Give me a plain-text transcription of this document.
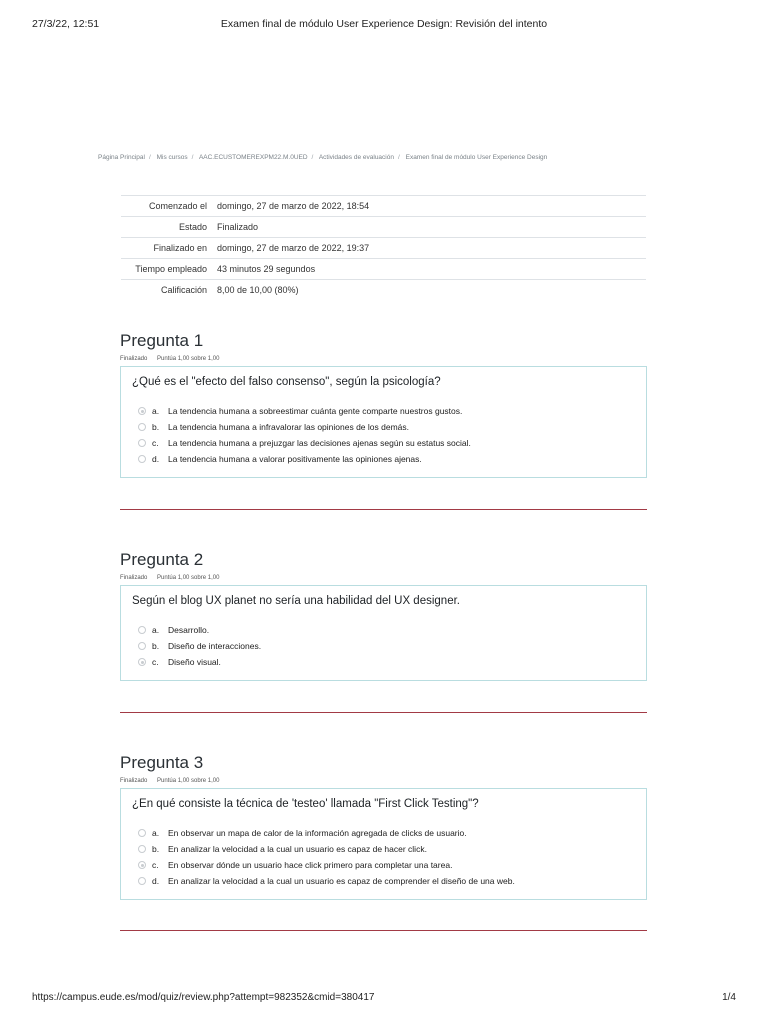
27/3/22, 12:51	Examen final de módulo User Experience Design: Revisión del intento
Página Principal / Mis cursos / AAC.ECUSTOMEREXPM22.M.0UED / Actividades de evaluación / Examen final de módulo User Experience Design
Comenzado el	domingo, 27 de marzo de 2022, 18:54
Estado	Finalizado
Finalizado en	domingo, 27 de marzo de 2022, 19:37
Tiempo empleado	43 minutos 29 segundos
Calificación	8,00 de 10,00 (80%)
Pregunta 1
Finalizado Puntúa 1,00 sobre 1,00
¿Qué es el "efecto del falso consenso", según la psicología?
a.	La tendencia humana a sobreestimar cuánta gente comparte nuestros gustos.
b.	La tendencia humana a infravalorar las opiniones de los demás.
c.	La tendencia humana a prejuzgar las decisiones ajenas según su estatus social.
d.	La tendencia humana a valorar positivamente las opiniones ajenas.
Pregunta 2
Finalizado Puntúa 1,00 sobre 1,00
Según el blog UX planet no sería una habilidad del UX designer.
a.	Desarrollo.
b.	Diseño de interacciones.
c.	Diseño visual.
Pregunta 3
Finalizado Puntúa 1,00 sobre 1,00
¿En qué consiste la técnica de 'testeo' llamada "First Click Testing"?
a.	En observar un mapa de calor de la información agregada de clicks de usuario.
b.	En analizar la velocidad a la cual un usuario es capaz de hacer click.
c.	En observar dónde un usuario hace click primero para completar una tarea.
d.	En analizar la velocidad a la cual un usuario es capaz de comprender el diseño de una web.
https://campus.eude.es/mod/quiz/review.php?attempt=982352&cmid=380417	1/4
